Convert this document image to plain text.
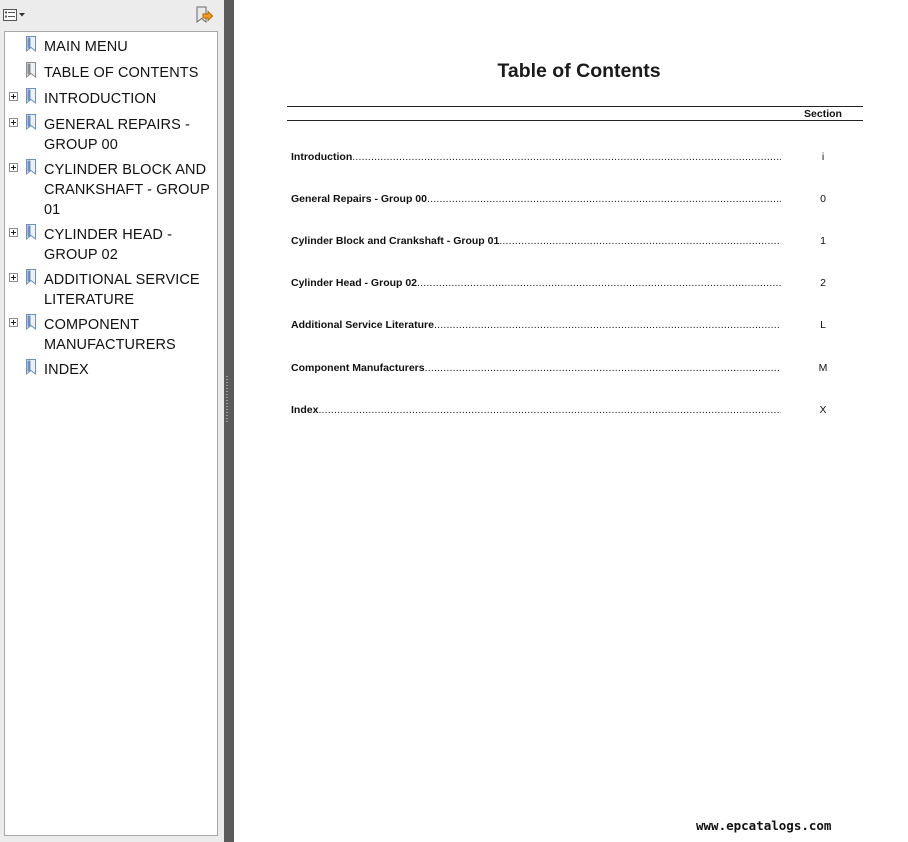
MAIN MENU
TABLE OF CONTENTS
INTRODUCTION
GENERAL REPAIRS - GROUP 00
CYLINDER BLOCK AND CRANKSHAFT - GROUP 01
CYLINDER HEAD - GROUP 02
ADDITIONAL SERVICE LITERATURE
COMPONENT MANUFACTURERS
INDEX
Table of Contents
Section
Introduction .....	i
General Repairs - Group 00 .....	0
Cylinder Block and Crankshaft - Group 01 .....	1
Cylinder Head - Group 02 .....	2
Additional Service Literature .....	L
Component Manufacturers .....	M
Index .....	X
www.epcatalogs.com
